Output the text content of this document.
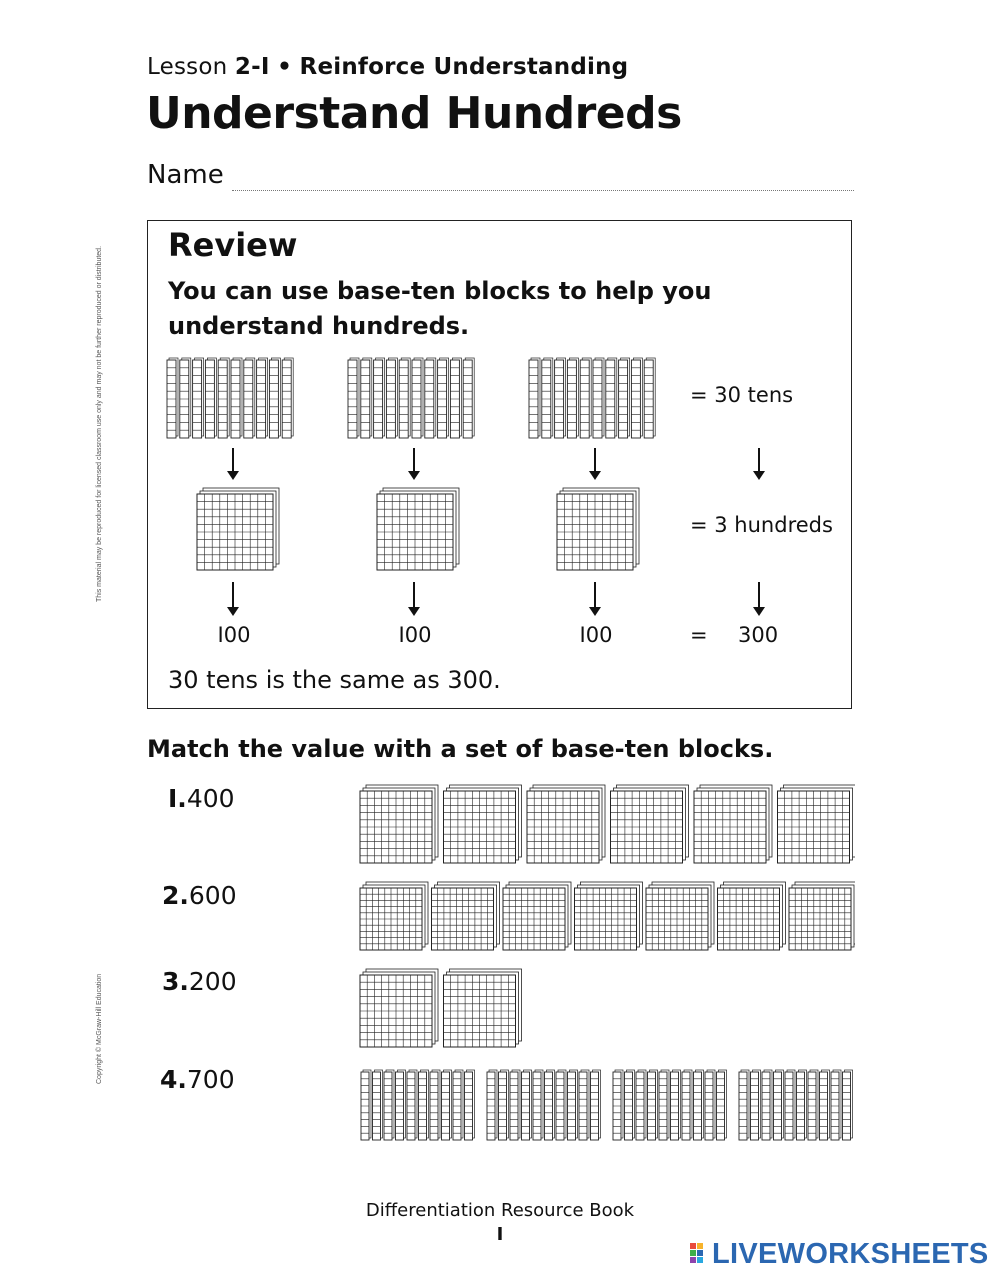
Lesson 2-I • Reinforce Understanding
Understand Hundreds
Name
This material may be reproduced for licensed classroom use only and may not be further reproduced or distributed.
Copyright © McGraw-Hill Education
Review
You can use base-ten blocks to help you understand hundreds.
= 30 tens
= 3 hundreds
I00	I00	I00	= 300
30 tens is the same as 300.
Match the value with a set of base-ten blocks.
I.400
2.600
3.200
4.700
Differentiation Resource Book
I
LIVEWORKSHEETS
